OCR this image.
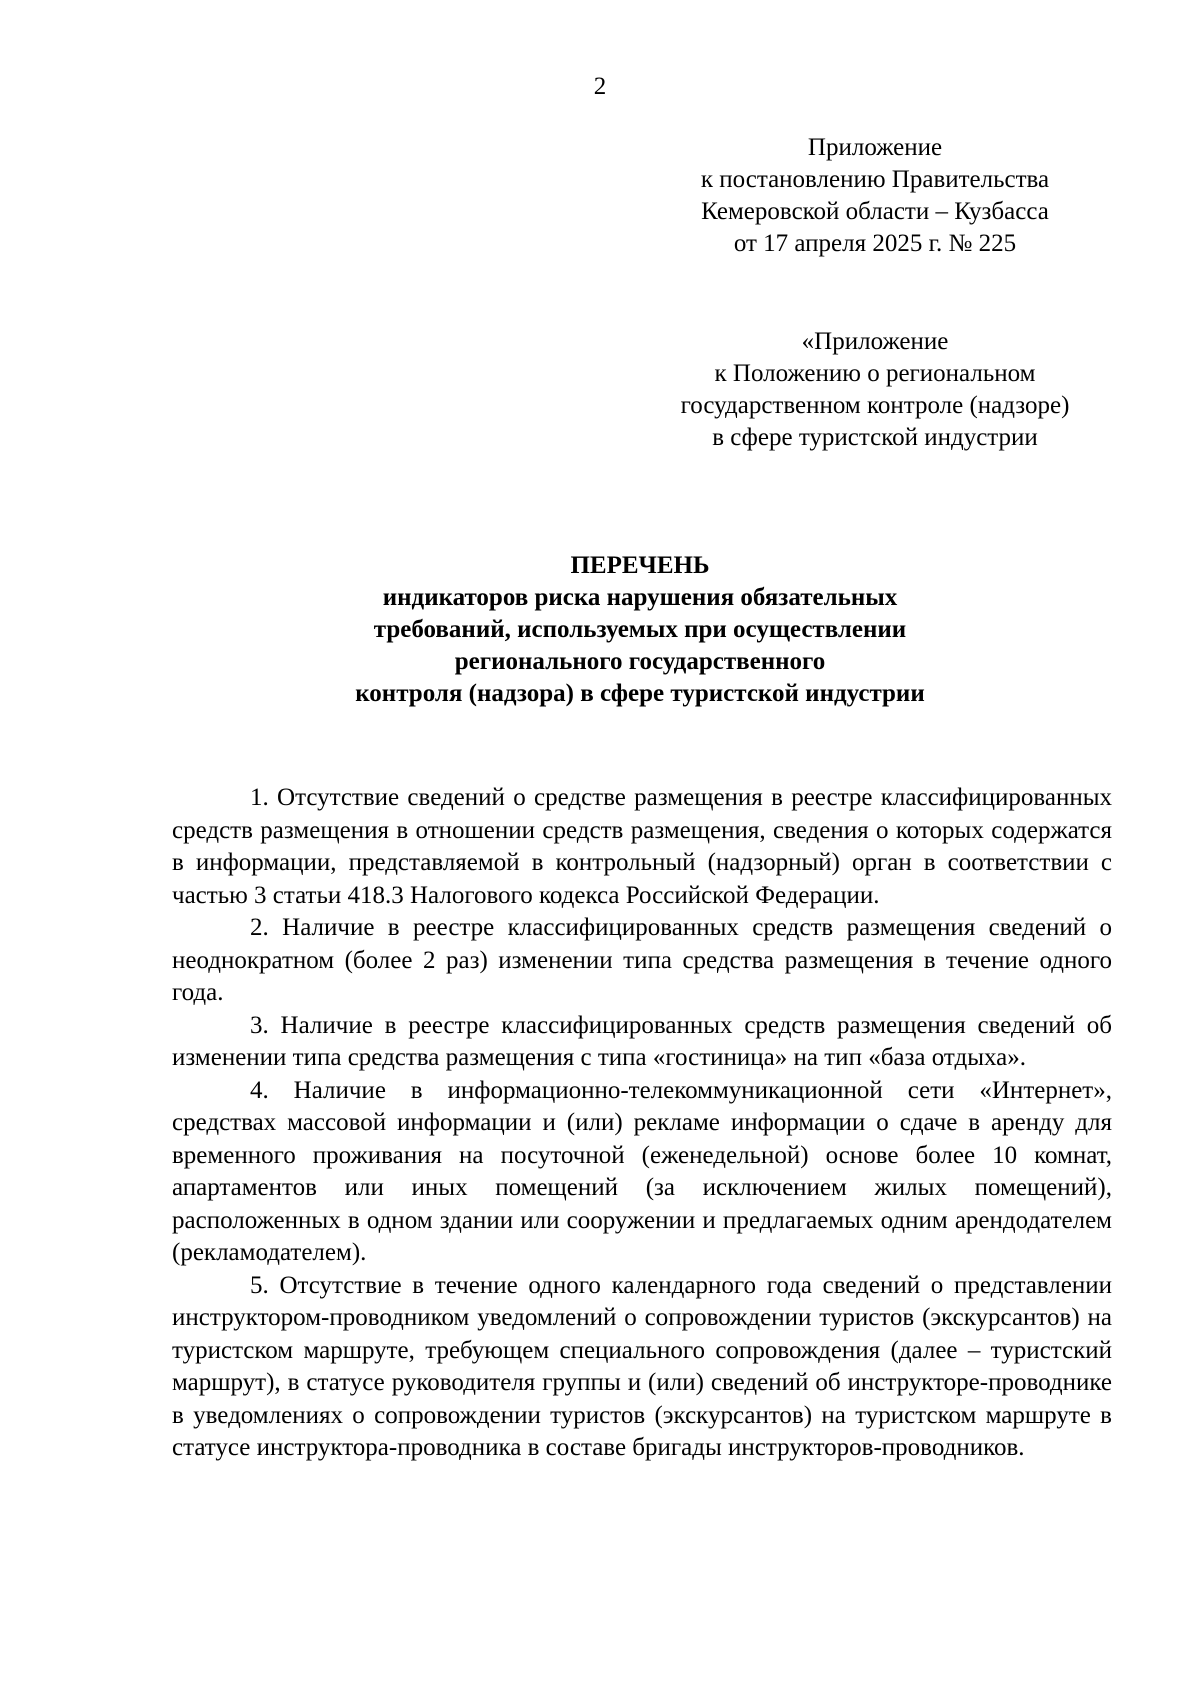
2
Приложение
к постановлению Правительства
Кемеровской области – Кузбасса
от 17 апреля 2025 г. № 225
«Приложение
к Положению о региональном
государственном контроле (надзоре)
в сфере туристской индустрии
ПЕРЕЧЕНЬ
индикаторов риска нарушения обязательных
требований, используемых при осуществлении
регионального государственного
контроля (надзора) в сфере туристской индустрии

1. Отсутствие сведений о средстве размещения в реестре классифицированных средств размещения в отношении средств размещения, сведения о которых содержатся в информации, представляемой в контрольный (надзорный) орган в соответствии с частью 3 статьи 418.3 Налогового кодекса Российской Федерации.

2. Наличие в реестре классифицированных средств размещения сведений о неоднократном (более 2 раз) изменении типа средства размещения в течение одного года.

3. Наличие в реестре классифицированных средств размещения сведений об изменении типа средства размещения с типа «гостиница» на тип «база отдыха».

4. Наличие в информационно-телекоммуникационной сети «Интернет», средствах массовой информации и (или) рекламе информации о сдаче в аренду для временного проживания на посуточной (еженедельной) основе более 10 комнат, апартаментов или иных помещений (за исключением жилых помещений), расположенных в одном здании или сооружении и предлагаемых одним арендодателем (рекламодателем).

5. Отсутствие в течение одного календарного года сведений о представлении инструктором-проводником уведомлений о сопровождении туристов (экскурсантов) на туристском маршруте, требующем специального сопровождения (далее – туристский маршрут), в статусе руководителя группы и (или) сведений об инструкторе-проводнике в уведомлениях о сопровождении туристов (экскурсантов) на туристском маршруте в статусе инструктора-проводника в составе бригады инструкторов-проводников.
